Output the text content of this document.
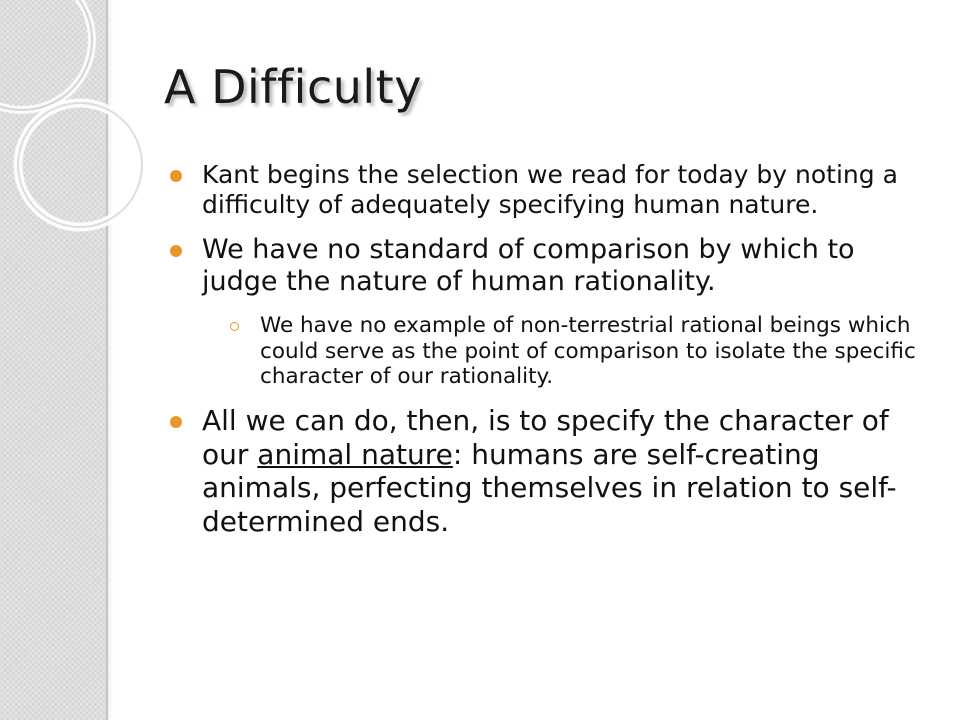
A Difficulty
Kant begins the selection we read for today by noting a difficulty of adequately specifying human nature.
We have no standard of comparison by which to judge the nature of human rationality.
We have no example of non-terrestrial rational beings which could serve as the point of comparison to isolate the specific character of our rationality.
All we can do, then, is to specify the character of our animal nature: humans are self-creating animals, perfecting themselves in relation to self-determined ends.
